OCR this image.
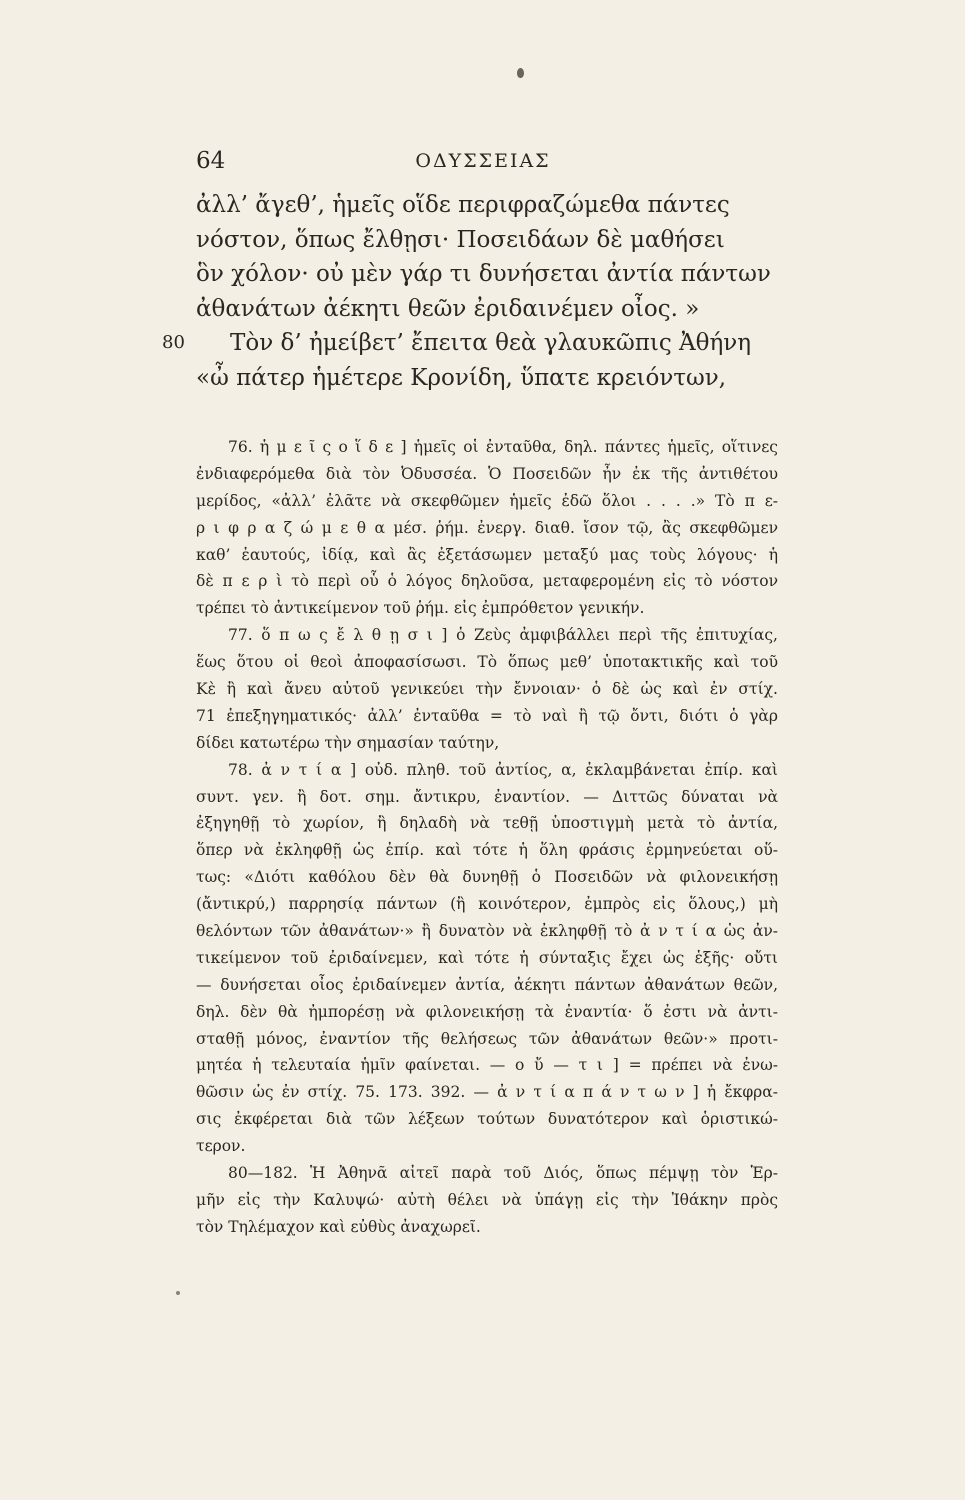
64	ΟΔΥΣΣΕΙΑΣ
ἀλλ’ ἄγεθ’, ἡμεῖς οἵδε περιφραζώμεθα πάντες
νόστον, ὅπως ἔλθῃσι· Ποσειδάων δὲ μαθήσει
ὃν χόλον· οὐ μὲν γάρ τι δυνήσεται ἀντία πάντων
ἀθανάτων ἀέκητι θεῶν ἐριδαινέμεν οἶος. »
80 Τὸν δ’ ἠμείβετ’ ἔπειτα θεὰ γλαυκῶπις Ἀθήνη
«ὦ πάτερ ἡμέτερε Κρονίδη, ὕπατε κρειόντων,
76. ἡ μ ε ῖ ς ο ἵ δ ε ] ἡμεῖς οἱ ἐνταῦθα, δηλ. πάντες ἡμεῖς, οἵτινες
ἐνδιαφερόμεθα διὰ τὸν Ὀδυσσέα. Ὁ Ποσειδῶν ἦν ἐκ τῆς ἀντιθέτου
μερίδος, «ἀλλ’ ἐλᾶτε νὰ σκεφθῶμεν ἡμεῖς ἐδῶ ὅλοι . . . .» Τὸ π ε-
ρ ι φ ρ α ζ ώ μ ε θ α μέσ. ῥήμ. ἐνεργ. διαθ. ἴσον τῷ, ἂς σκεφθῶμεν
καθ’ ἑαυτούς, ἰδίᾳ, καὶ ἂς ἐξετάσωμεν μεταξύ μας τοὺς λόγους· ἡ
δὲ π ε ρ ὶ τὸ περὶ οὗ ὁ λόγος δηλοῦσα, μεταφερομένη εἰς τὸ νόστον
τρέπει τὸ ἀντικείμενον τοῦ ῥήμ. εἰς ἐμπρόθετον γενικήν.
77. ὅ π ω ς ἔ λ θ ῃ σ ι ] ὁ Ζεὺς ἀμφιβάλλει περὶ τῆς ἐπιτυχίας,
ἕως ὅτου οἱ θεοὶ ἀποφασίσωσι. Τὸ ὅπως μεθ’ ὑποτακτικῆς καὶ τοῦ
Κὲ ἢ καὶ ἄνευ αὐτοῦ γενικεύει τὴν ἔννοιαν· ὁ δὲ ὡς καὶ ἐν στίχ.
71 ἐπεξηγηματικός· ἀλλ’ ἐνταῦθα = τὸ ναὶ ἢ τῷ ὄντι, διότι ὁ γὰρ
δίδει κατωτέρω τὴν σημασίαν ταύτην,
78. ἀ ν τ ί α ] οὐδ. πληθ. τοῦ ἀντίος, α, ἐκλαμβάνεται ἐπίρ. καὶ
συντ. γεν. ἢ δοτ. σημ. ἄντικρυ, ἐναντίον. — Διττῶς δύναται νὰ
ἐξηγηθῇ τὸ χωρίον, ἢ δηλαδὴ νὰ τεθῇ ὑποστιγμὴ μετὰ τὸ ἀντία,
ὅπερ νὰ ἐκληφθῇ ὡς ἐπίρ. καὶ τότε ἡ ὅλη φράσις ἑρμηνεύεται οὕ-
τως: «Διότι καθόλου δὲν θὰ δυνηθῇ ὁ Ποσειδῶν νὰ φιλονεικήσῃ
(ἄντικρύ,) παρρησίᾳ πάντων (ἢ κοινότερον, ἐμπρὸς εἰς ὅλους,) μὴ
θελόντων τῶν ἀθανάτων·» ἢ δυνατὸν νὰ ἐκληφθῇ τὸ ἀ ν τ ί α ὡς ἀν-
τικείμενον τοῦ ἐριδαίνεμεν, καὶ τότε ἡ σύνταξις ἔχει ὡς ἑξῆς· οὔτι
— δυνήσεται οἶος ἐριδαίνεμεν ἀντία, ἀέκητι πάντων ἀθανάτων θεῶν,
δηλ. δὲν θὰ ἠμπορέσῃ νὰ φιλονεικήσῃ τὰ ἐναντία· ὅ ἐστι νὰ ἀντι-
σταθῇ μόνος, ἐναντίον τῆς θελήσεως τῶν ἀθανάτων θεῶν·» προτι-
μητέα ἡ τελευταία ἡμῖν φαίνεται. — ο ὔ — τ ι ] = πρέπει νὰ ἐνω-
θῶσιν ὡς ἐν στίχ. 75. 173. 392. — ἀ ν τ ί α π ά ν τ ω ν ] ἡ ἔκφρα-
σις ἐκφέρεται διὰ τῶν λέξεων τούτων δυνατότερον καὶ ὁριστικώ-
τερον.
80—182. Ἡ Ἀθηνᾶ αἰτεῖ παρὰ τοῦ Διός, ὅπως πέμψῃ τὸν Ἑρ-
μῆν εἰς τὴν Καλυψώ· αὐτὴ θέλει νὰ ὑπάγῃ εἰς τὴν Ἰθάκην πρὸς
τὸν Τηλέμαχον καὶ εὐθὺς ἀναχωρεῖ.
